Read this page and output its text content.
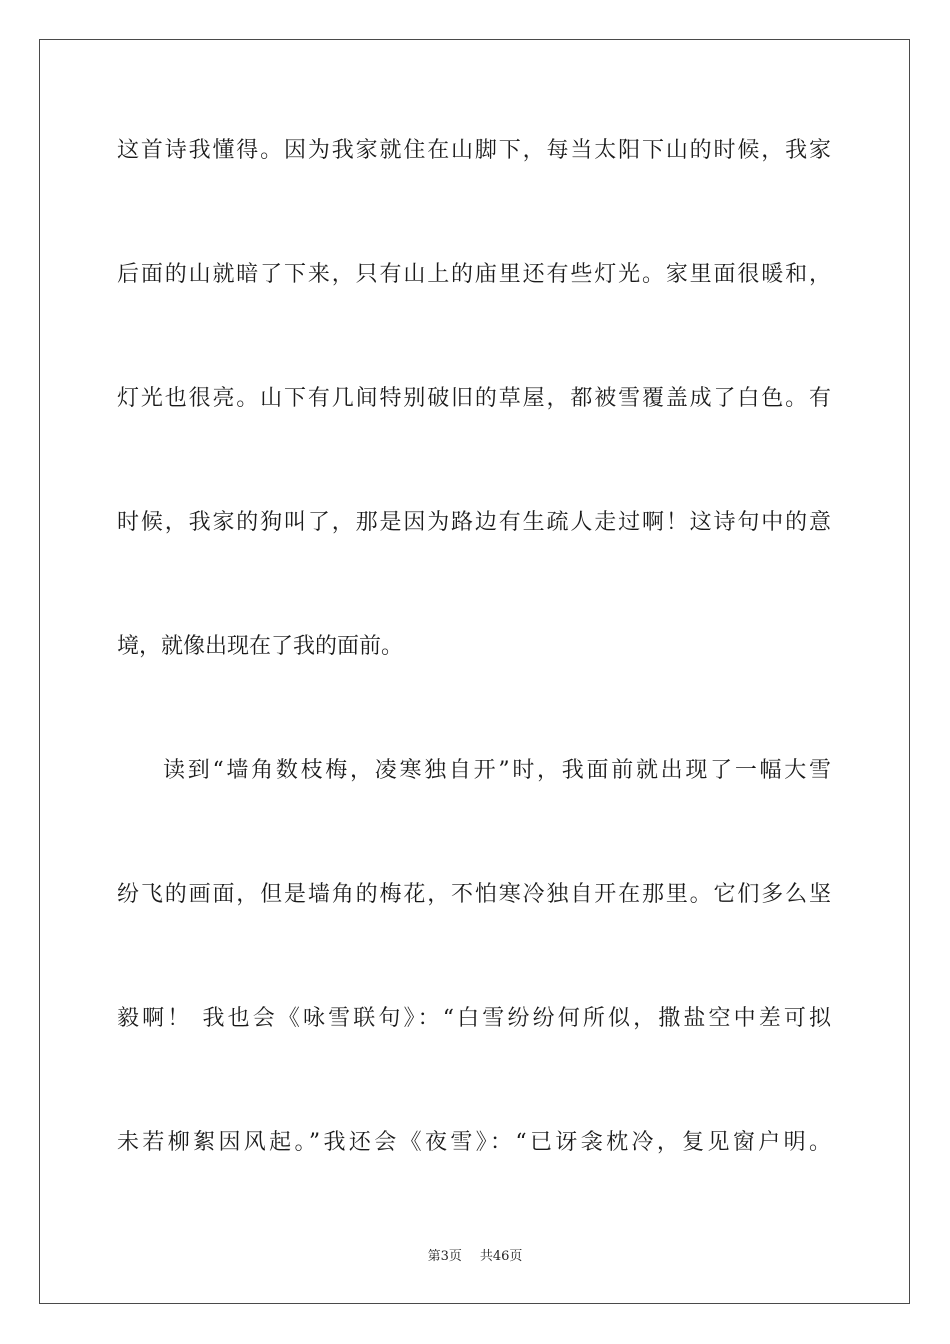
这首诗我懂得。因为我家就住在山脚下，每当太阳下山的时候，我家
后面的山就暗了下来，只有山上的庙里还有些灯光。家里面很暖和，
灯光也很亮。山下有几间特别破旧的草屋，都被雪覆盖成了白色。有
时候，我家的狗叫了，那是因为路边有生疏人走过啊！这诗句中的意
境，就像出现在了我的面前。
读到“墙角数枝梅，凌寒独自开”时，我面前就出现了一幅大雪
纷飞的画面，但是墙角的梅花，不怕寒冷独自开在那里。它们多么坚
毅啊！ 我也会《咏雪联句》：“白雪纷纷何所似，撒盐空中差可拟
未若柳絮因风起。”我还会《夜雪》：“已讶衾枕冷，复见窗户明。
第3页 共46页
